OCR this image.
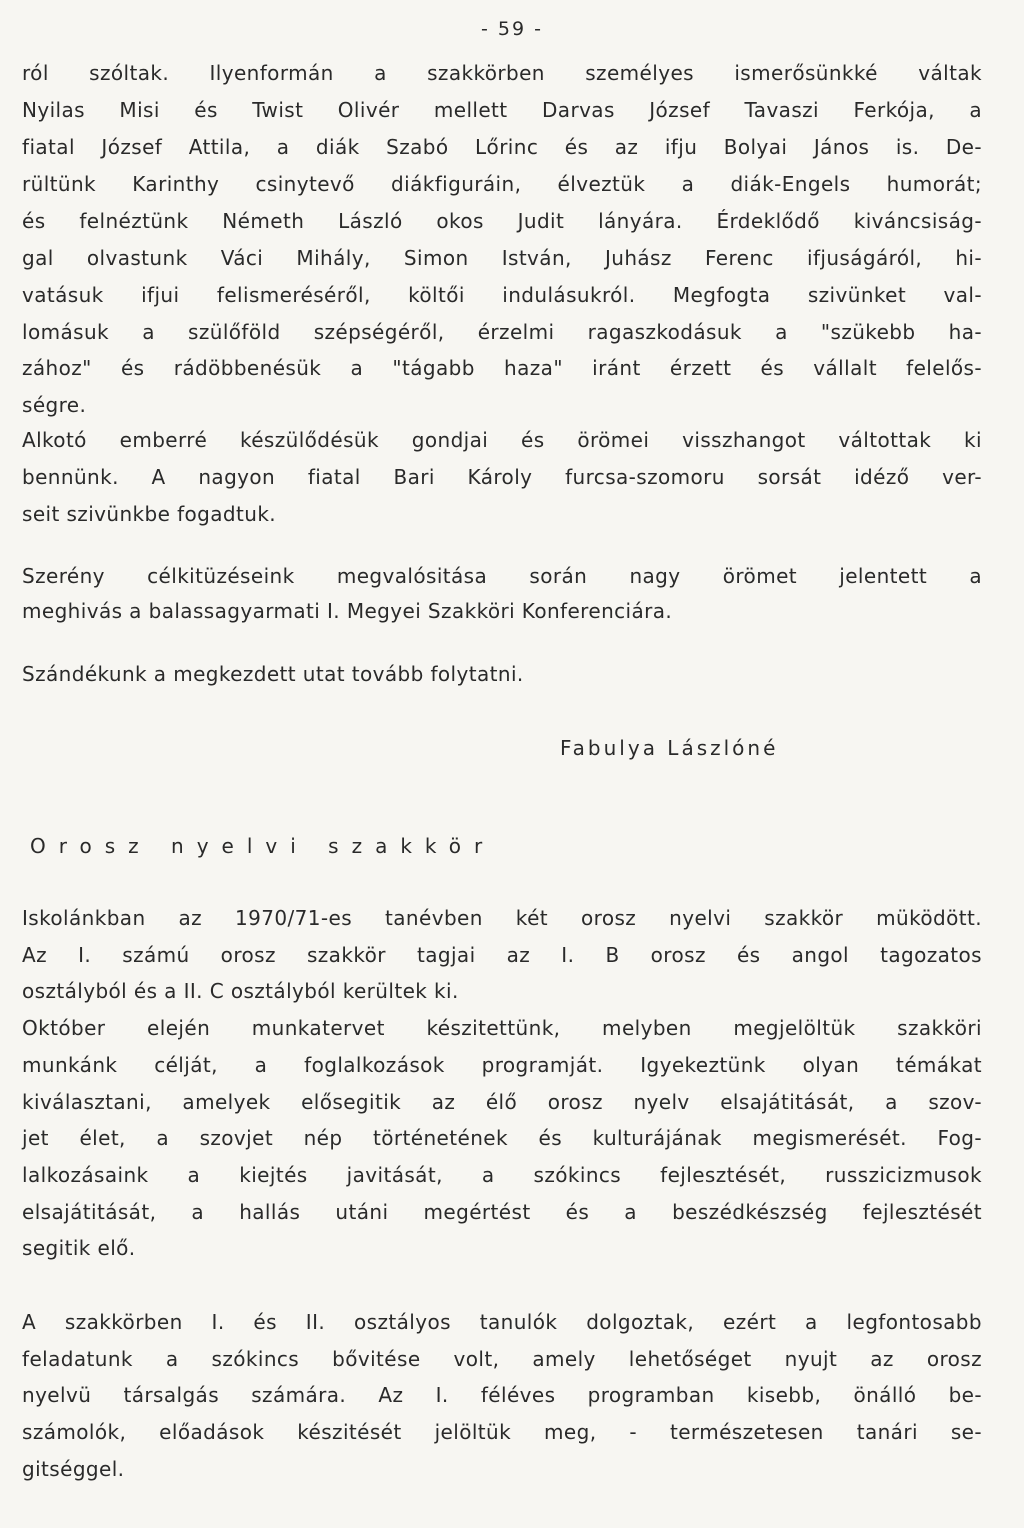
- 59 -
ról szóltak. Ilyenformán a szakkörben személyes ismerősünkké váltak
Nyilas Misi és Twist Olivér mellett Darvas József Tavaszi Ferkója, a
fiatal József Attila, a diák Szabó Lőrinc és az ifju Bolyai János is. De-
rültünk Karinthy csinytevő diákfiguráin, élveztük a diák-Engels humorát;
és felnéztünk Németh László okos Judit lányára. Érdeklődő kiváncsiság-
gal olvastunk Váci Mihály, Simon István, Juhász Ferenc ifjuságáról, hi-
vatásuk ifjui felismeréséről, költői indulásukról. Megfogta szivünket val-
lomásuk a szülőföld szépségéről, érzelmi ragaszkodásuk a "szükebb ha-
zához" és rádöbbenésük a "tágabb haza" iránt érzett és vállalt felelős-
ségre.
Alkotó emberré készülődésük gondjai és örömei visszhangot váltottak ki
bennünk. A nagyon fiatal Bari Károly furcsa-szomoru sorsát idéző ver-
seit szivünkbe fogadtuk.
Szerény célkitüzéseink megvalósitása során nagy örömet jelentett a
meghivás a balassagyarmati I. Megyei Szakköri Konferenciára.
Szándékunk a megkezdett utat tovább folytatni.
Fabulya Lászlóné
Orosz nyelvi szakkör
Iskolánkban az 1970/71-es tanévben két orosz nyelvi szakkör müködött.
Az I. számú orosz szakkör tagjai az I. B orosz és angol tagozatos
osztályból és a II. C osztályból kerültek ki.
Október elején munkatervet készitettünk, melyben megjelöltük szakköri
munkánk célját, a foglalkozások programját. Igyekeztünk olyan témákat
kiválasztani, amelyek elősegitik az élő orosz nyelv elsajátitását, a szov-
jet élet, a szovjet nép történetének és kulturájának megismerését. Fog-
lalkozásaink a kiejtés javitását, a szókincs fejlesztését, russzicizmusok
elsajátitását, a hallás utáni megértést és a beszédkészség fejlesztését
segitik elő.
A szakkörben I. és II. osztályos tanulók dolgoztak, ezért a legfontosabb
feladatunk a szókincs bővitése volt, amely lehetőséget nyujt az orosz
nyelvü társalgás számára. Az I. féléves programban kisebb, önálló be-
számolók, előadások készitését jelöltük meg, - természetesen tanári se-
gitséggel.
